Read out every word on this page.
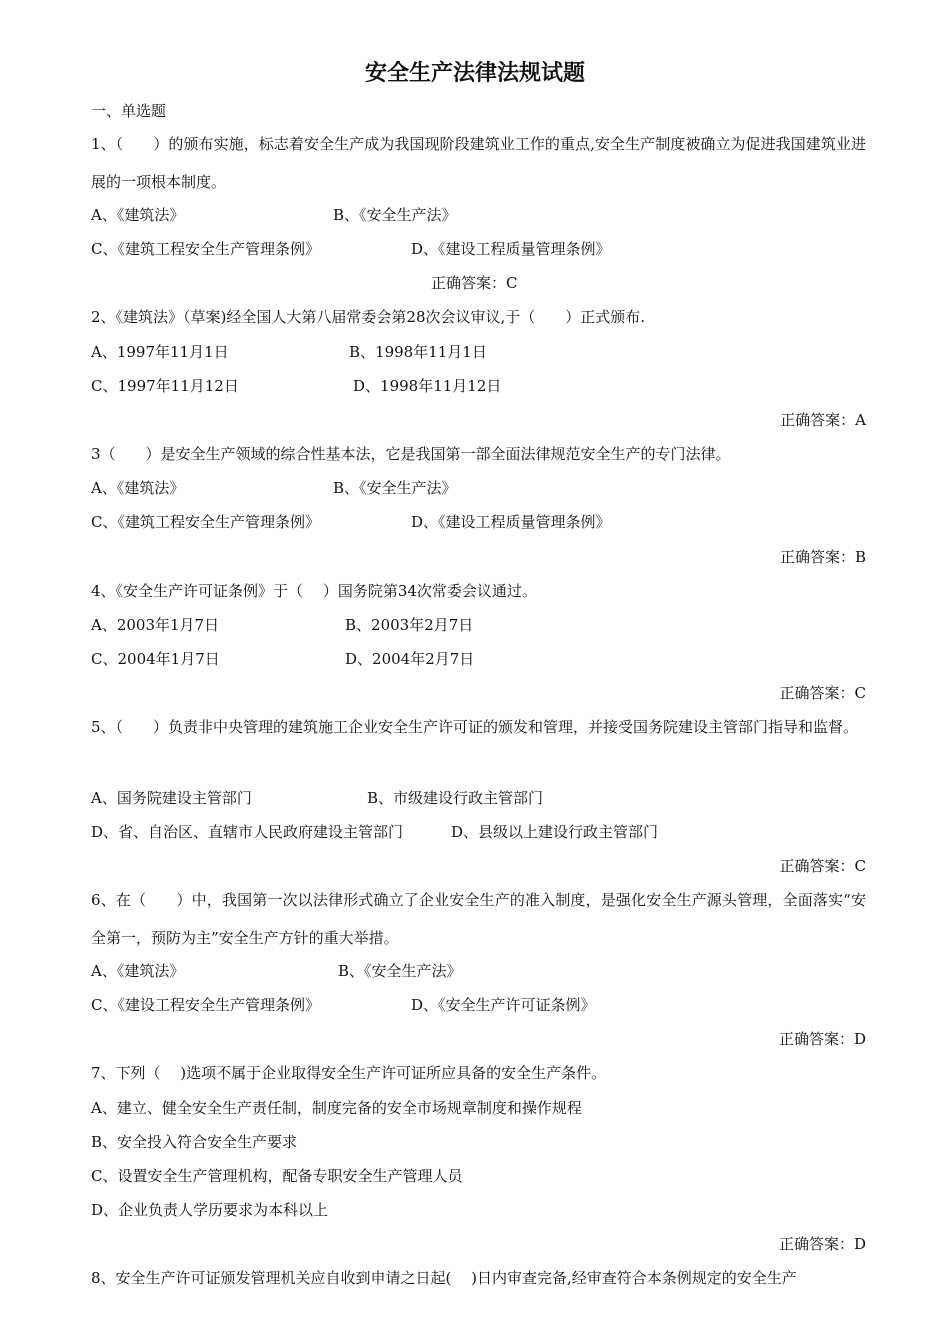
安全生产法律法规试题
一、单选题
1、（　　）的颁布实施，标志着安全生产成为我国现阶段建筑业工作的重点,安全生产制度被确立为促进我国建筑业进展的一项根本制度。
A、《建筑法》	B、《安全生产法》
C、《建筑工程安全生产管理条例》	D、《建设工程质量管理条例》
正确答案：C
2、《建筑法》（草案)经全国人大第八届常委会第28次会议审议,于（　　）正式颁布.
A、1997年11月1日	B、1998年11月1日
C、1997年11月12日	D、1998年11月12日
正确答案：A
3（　　）是安全生产领域的综合性基本法，它是我国第一部全面法律规范安全生产的专门法律。
A、《建筑法》	B、《安全生产法》
C、《建筑工程安全生产管理条例》	D、《建设工程质量管理条例》
正确答案：B
4、《安全生产许可证条例》于（　 ）国务院第34次常委会议通过。
A、2003年1月7日	B、2003年2月7日
C、2004年1月7日	D、2004年2月7日
正确答案：C
5、（　　）负责非中央管理的建筑施工企业安全生产许可证的颁发和管理，并接受国务院建设主管部门指导和监督。
A、国务院建设主管部门	B、市级建设行政主管部门
D、省、自治区、直辖市人民政府建设主管部门	D、县级以上建设行政主管部门
正确答案：C
6、在（　　）中，我国第一次以法律形式确立了企业安全生产的准入制度，是强化安全生产源头管理，全面落实“安全第一，预防为主”安全生产方针的重大举措。
A、《建筑法》	B、《安全生产法》
C、《建设工程安全生产管理条例》	D、《安全生产许可证条例》
正确答案：D
7、下列（　 )选项不属于企业取得安全生产许可证所应具备的安全生产条件。
A、建立、健全安全生产责任制，制度完备的安全市场规章制度和操作规程
B、安全投入符合安全生产要求
C、设置安全生产管理机构，配备专职安全生产管理人员
D、企业负责人学历要求为本科以上
正确答案：D
8、安全生产许可证颁发管理机关应自收到申请之日起(　 )日内审查完备,经审查符合本条例规定的安全生产
